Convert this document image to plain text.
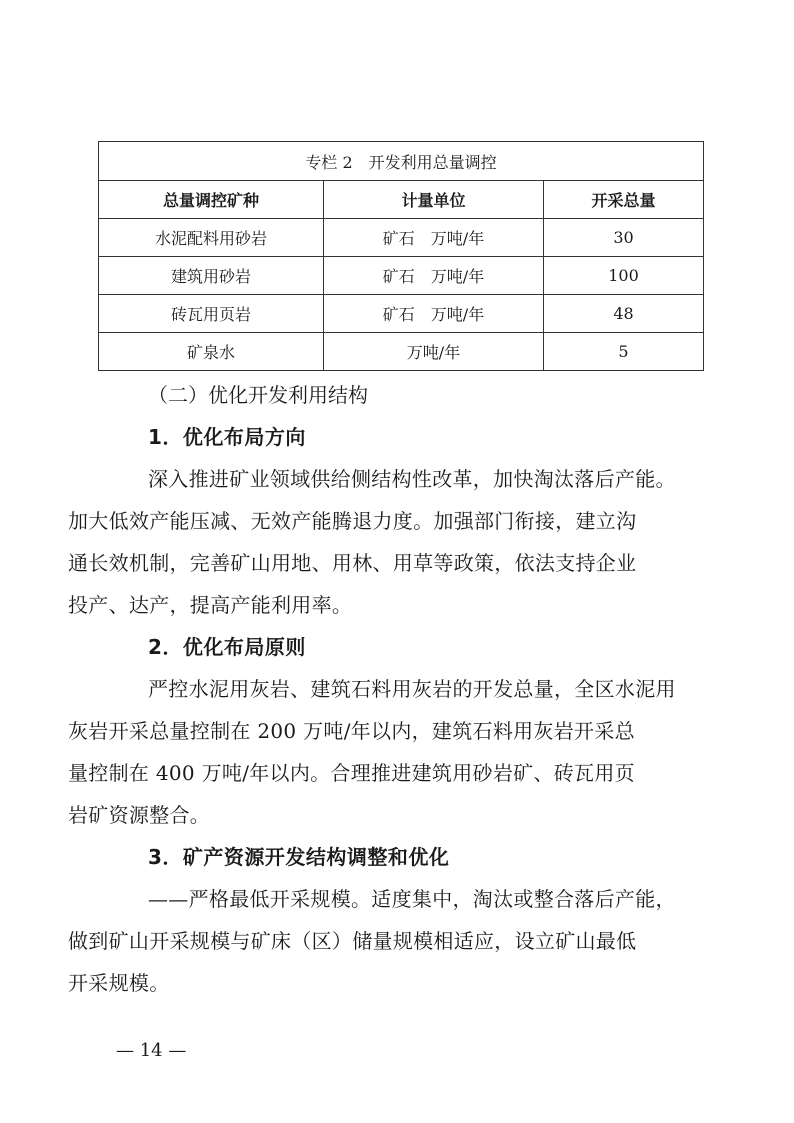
专栏 2 开发利用总量调控		
总量调控矿种	计量单位	开采总量
水泥配料用砂岩	矿石 万吨/年	30
建筑用砂岩	矿石 万吨/年	100
砖瓦用页岩	矿石 万吨/年	48
矿泉水	万吨/年	5
（二）优化开发利用结构
1．优化布局方向
深入推进矿业领域供给侧结构性改革，加快淘汰落后产能。
加大低效产能压减、无效产能腾退力度。加强部门衔接，建立沟
通长效机制，完善矿山用地、用林、用草等政策，依法支持企业
投产、达产，提高产能利用率。
2．优化布局原则
严控水泥用灰岩、建筑石料用灰岩的开发总量，全区水泥用
灰岩开采总量控制在 200 万吨/年以内，建筑石料用灰岩开采总
量控制在 400 万吨/年以内。合理推进建筑用砂岩矿、砖瓦用页
岩矿资源整合。
3．矿产资源开发结构调整和优化
——严格最低开采规模。适度集中，淘汰或整合落后产能，
做到矿山开采规模与矿床（区）储量规模相适应，设立矿山最低
开采规模。
— 14 —
